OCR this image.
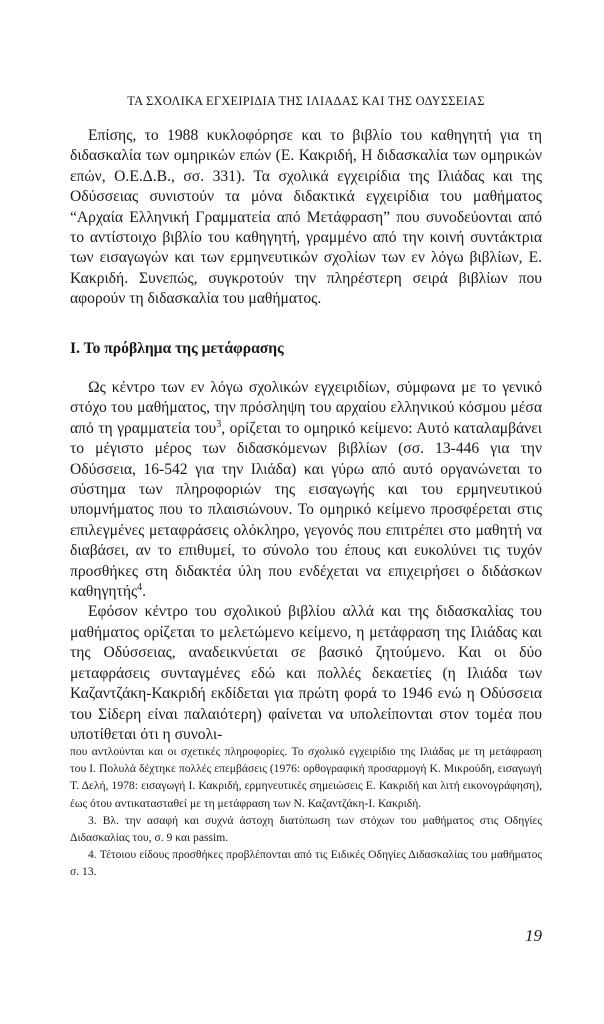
ΤΑ ΣΧΟΛΙΚΑ ΕΓΧΕΙΡΙΔΙΑ ΤΗΣ ΙΛΙΑΔΑΣ ΚΑΙ ΤΗΣ ΟΔΥΣΣΕΙΑΣ

Επίσης, το 1988 κυκλοφόρησε και το βιβλίο του καθηγητή για τη διδασκαλία των ομηρικών επών (Ε. Κακριδή, Η διδασκαλία των ομηρικών επών, Ο.Ε.Δ.Β., σσ. 331). Τα σχολικά εγχειρίδια της Ιλιάδας και της Οδύσσειας συνιστούν τα μόνα διδακτικά εγχειρίδια του μαθήματος “Αρχαία Ελληνική Γραμματεία από Μετάφραση” που συνοδεύονται από το αντίστοιχο βιβλίο του καθηγητή, γραμμένο από την κοινή συντάκτρια των εισαγωγών και των ερμηνευτικών σχολίων των εν λόγω βιβλίων, Ε. Κακριδή. Συνεπώς, συγκροτούν την πληρέστερη σειρά βιβλίων που αφορούν τη διδασκαλία του μαθήματος.

Ι. Το πρόβλημα της μετάφρασης

Ως κέντρο των εν λόγω σχολικών εγχειριδίων, σύμφωνα με το γενικό στόχο του μαθήματος, την πρόσληψη του αρχαίου ελληνικού κόσμου μέσα από τη γραμματεία του$^3$, ορίζεται το ομηρικό κείμενο: Αυτό καταλαμβάνει το μέγιστο μέρος των διδασκόμενων βιβλίων (σσ. 13-446 για την Οδύσσεια, 16-542 για την Ιλιάδα) και γύρω από αυτό οργανώνεται το σύστημα των πληροφοριών της εισαγωγής και του ερμηνευτικού υπομνήματος που το πλαισιώνουν. Το ομηρικό κείμενο προσφέρεται στις επιλεγμένες μεταφράσεις ολόκληρο, γεγονός που επιτρέπει στο μαθητή να διαβάσει, αν το επιθυμεί, το σύνολο του έπους και ευκολύνει τις τυχόν προσθήκες στη διδακτέα ύλη που ενδέχεται να επιχειρήσει ο διδάσκων καθηγητής$^4$.

Εφόσον κέντρο του σχολικού βιβλίου αλλά και της διδασκαλίας του μαθήματος ορίζεται το μελετώμενο κείμενο, η μετάφραση της Ιλιάδας και της Οδύσσειας, αναδεικνύεται σε βασικό ζητούμενο. Και οι δύο μεταφράσεις συνταγμένες εδώ και πολλές δεκαετίες (η Ιλιάδα των Καζαντζάκη-Κακριδή εκδίδεται για πρώτη φορά το 1946 ενώ η Οδύσσεια του Σίδερη είναι παλαιότερη) φαίνεται να υπολείπονται στον τομέα που υποτίθεται ότι η συνολι-

που αντλούνται και οι σχετικές πληροφορίες. Το σχολικό εγχειρίδιο της Ιλιάδας με τη μετάφραση του Ι. Πολυλά δέχτηκε πολλές επεμβάσεις (1976: ορθογραφική προσαρμογή Κ. Μικρούδη, εισαγωγή Τ. Δελή, 1978: εισαγωγή Ι. Κακριδή, ερμηνευτικές σημειώσεις Ε. Κακριδή και λιτή εικονογράφηση), έως ότου αντικατασταθεί με τη μετάφραση των Ν. Καζαντζάκη-Ι. Κακριδή.

3. Βλ. την ασαφή και συχνά άστοχη διατύπωση των στόχων του μαθήματος στις Οδηγίες Διδασκαλίας του, σ. 9 και passim.

4. Τέτοιου είδους προσθήκες προβλέπονται από τις Ειδικές Οδηγίες Διδασκαλίας του μαθήματος σ. 13.

19
